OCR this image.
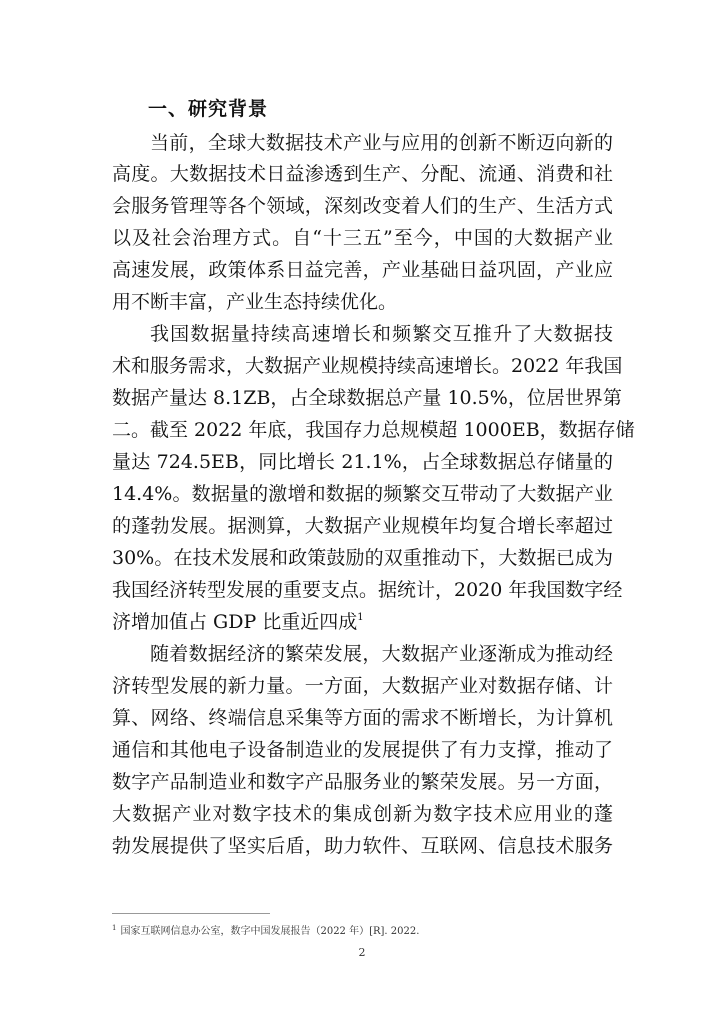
一、研究背景
当前，全球大数据技术产业与应用的创新不断迈向新的
高度。大数据技术日益渗透到生产、分配、流通、消费和社
会服务管理等各个领域，深刻改变着人们的生产、生活方式
以及社会治理方式。自“十三五”至今，中国的大数据产业
高速发展，政策体系日益完善，产业基础日益巩固，产业应
用不断丰富，产业生态持续优化。
我国数据量持续高速增长和频繁交互推升了大数据技
术和服务需求，大数据产业规模持续高速增长。2022 年我国
数据产量达 8.1ZB，占全球数据总产量 10.5%，位居世界第
二。截至 2022 年底，我国存力总规模超 1000EB，数据存储
量达 724.5EB，同比增长 21.1%，占全球数据总存储量的
14.4%。数据量的激增和数据的频繁交互带动了大数据产业
的蓬勃发展。据测算，大数据产业规模年均复合增长率超过
30%。在技术发展和政策鼓励的双重推动下，大数据已成为
我国经济转型发展的重要支点。据统计，2020 年我国数字经
济增加值占 GDP 比重近四成$^1$
随着数据经济的繁荣发展，大数据产业逐渐成为推动经
济转型发展的新力量。一方面，大数据产业对数据存储、计
算、网络、终端信息采集等方面的需求不断增长，为计算机
通信和其他电子设备制造业的发展提供了有力支撑，推动了
数字产品制造业和数字产品服务业的繁荣发展。另一方面，
大数据产业对数字技术的集成创新为数字技术应用业的蓬
勃发展提供了坚实后盾，助力软件、互联网、信息技术服务
$^1$ 国家互联网信息办公室，数字中国发展报告（2022 年）[R]. 2022.
2
